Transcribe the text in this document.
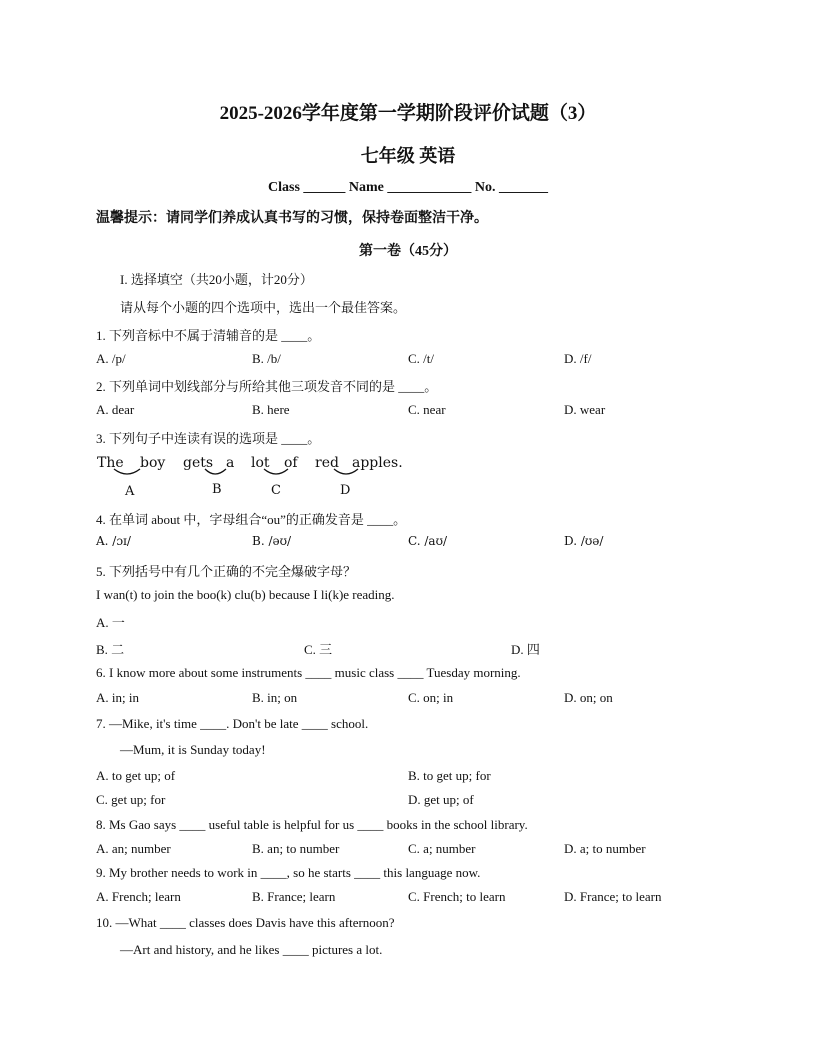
2025-2026学年度第一学期阶段评价试题（3）
七年级 英语
Class ______ Name ____________ No. _______
温馨提示：请同学们养成认真书写的习惯，保持卷面整洁干净。
第一卷（45分）
I. 选择填空（共20小题，计20分）
请从每个小题的四个选项中，选出一个最佳答案。
1. 下列音标中不属于清辅音的是 ____。
A. /p/	B. /b/	C. /t/	D. /f/
2. 下列单词中划线部分与所给其他三项发音不同的是 ____。
A. dear	B. here	C. near	D. wear
3. 下列句子中连读有误的选项是 ____。
The boy gets a lot of red apples.
A	B	C	D
4. 在单词 about 中，字母组合“ou”的正确发音是 ____。
A. /ɔɪ/	B. /əʊ/	C. /aʊ/	D. /ʊə/
5. 下列括号中有几个正确的不完全爆破字母？
I wan(t) to join the boo(k) clu(b) because I li(k)e reading.
A. 一
B. 二	C. 三	D. 四
6. I know more about some instruments ____ music class ____ Tuesday morning.
A. in; in	B. in; on	C. on; in	D. on; on
7. —Mike, it's time ____. Don't be late ____ school.
—Mum, it is Sunday today!
A. to get up; of	B. to get up; for
C. get up; for	D. get up; of
8. Ms Gao says ____ useful table is helpful for us ____ books in the school library.
A. an; number	B. an; to number	C. a; number	D. a; to number
9. My brother needs to work in ____, so he starts ____ this language now.
A. French; learn	B. France; learn	C. French; to learn	D. France; to learn
10. —What ____ classes does Davis have this afternoon?
—Art and history, and he likes ____ pictures a lot.
